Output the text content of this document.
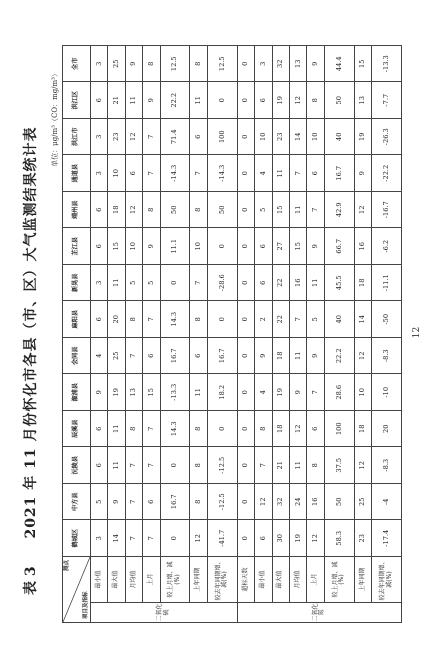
表 3
2021 年 11 月份怀化市各县（市、区）大气监测结果统计表
单位：μg/m³（CO：mg/m³）
测点
项目及指标		鹤城区	中方县	沅陵县	辰溪县	溆浦县	会同县	麻阳县	新晃县	芷江县	靖州县	通道县	洪江市	洪江区	全市
二氧化硫	最小值	3	5	6	6	9	4	6	3	6	6	3	3	6	3
	最大值	14	9	11	11	19	25	20	11	15	18	10	23	21	25
	月均值	7	7	7	8	13	7	8	5	10	12	6	12	11	9
	上月	7	6	7	7	15	6	7	5	9	8	7	7	9	8
	较上月增、减(%)	0	16.7	0	14.3	-13.3	16.7	14.3	0	11.1	50	-14.3	71.4	22.2	12.5
	上年同期	12	8	8	8	11	6	8	7	10	8	7	6	11	8
	较去年同期增、减(%)	-41.7	-12.5	-12.5	0	18.2	16.7	0	-28.6	0	50	-14.3	100	0	12.5
二氧化氮	超标天数	0	0	0	0	0	0	0	0	0	0	0	0	0	0
	最小值	6	12	7	8	4	9	2	6	6	5	4	10	6	3
	最大值	30	32	21	18	19	18	22	22	27	15	11	23	19	32
	月均值	19	24	11	12	9	11	7	16	15	11	7	14	12	13
	上月	12	16	8	6	7	9	5	11	9	7	6	10	8	9
	较上月增、减(%)	58.3	50	37.5	100	28.6	22.2	40	45.5	66.7	42.9	16.7	40	50	44.4
	上年同期	23	25	12	18	10	12	14	18	16	12	9	19	13	15
	较去年同期增、减(%)	-17.4	-4	-8.3	20	-10	-8.3	-50	-11.1	-6.2	-16.7	-22.2	-26.3	-7.7	-13.3
12
